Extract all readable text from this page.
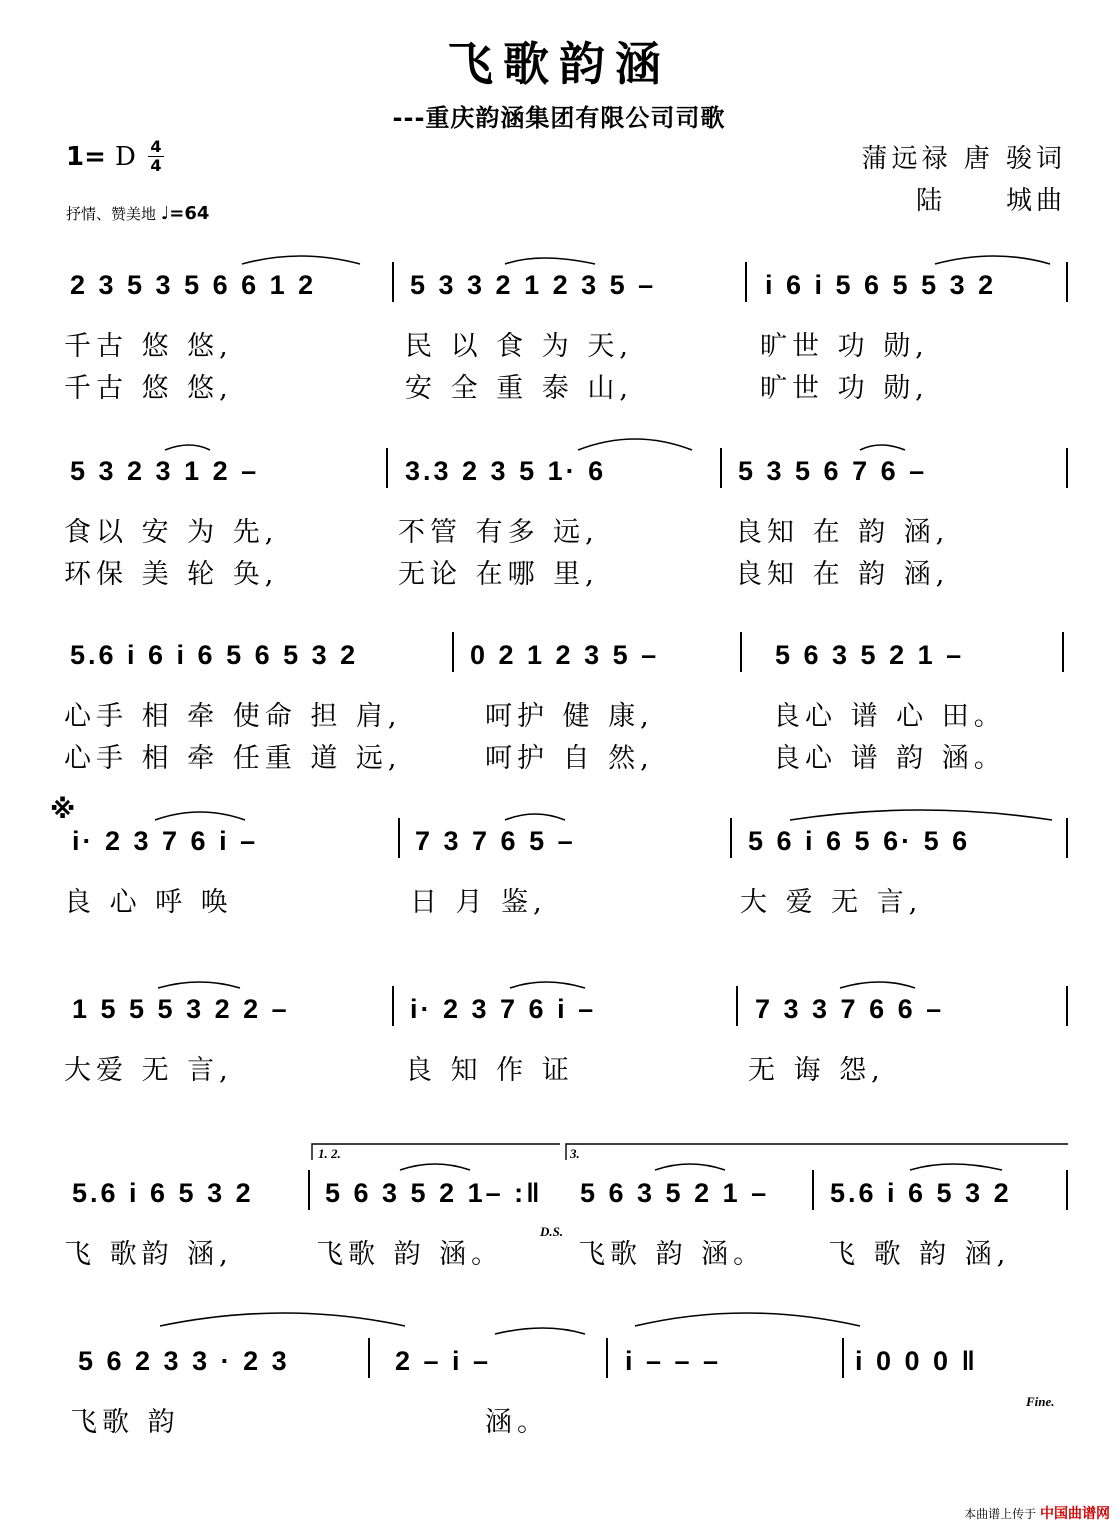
飞歌韵涵
---重庆韵涵集团有限公司司歌
1= D 4
4
抒情、赞美地 ♩=64
蒲远禄 唐 骏词
陆　　城曲
2 3 5 3 5 6 6 1 2	5 3 3 2 1 2 3 5 –	i 6 i 5 6 5 5 3 2
千古 悠 悠,	民 以 食 为 天,	旷世 功 勋,
千古 悠 悠,	安 全 重 泰 山,	旷世 功 勋,
5 3 2 3 1 2 –	3.3 2 3 5 1· 6	5 3 5 6 7 6 –
食以 安 为 先,	不管 有多 远,	良知 在 韵 涵,
环保 美 轮 奂,	无论 在哪 里,	良知 在 韵 涵,
5.6 i 6 i 6 5 6 5 3 2	0 2 1 2 3 5 –	5 6 3 5 2 1 –
心手 相 牵 使命 担 肩,	呵护 健 康,	良心 谱 心 田。
心手 相 牵 任重 道 远,	呵护 自 然,	良心 谱 韵 涵。
※
i· 2 3 7 6 i –	7 3 7 6 5 –	5 6 i 6 5 6· 5 6
良 心 呼 唤	日 月 鉴,	大 爱 无 言,
1 5 5 5 3 2 2 –	i· 2 3 7 6 i –	7 3 3 7 6 6 –
大爱 无 言,	良 知 作 证	无 诲 怨,
1. 2.	3.
5.6 i 6 5 3 2	5 6 3 5 2 1– :‖ 5 6 3 5 2 1 – 5.6 i 6 5 3 2
D.S.
飞 歌韵 涵,	飞歌 韵 涵。	飞歌 韵 涵。 飞 歌 韵 涵,
5 6 2 3 3 · 2 3	2 – i –	i – – –	i 0 0 0 ‖
Fine.
飞歌 韵	涵。
本曲谱上传于 中国曲谱网
